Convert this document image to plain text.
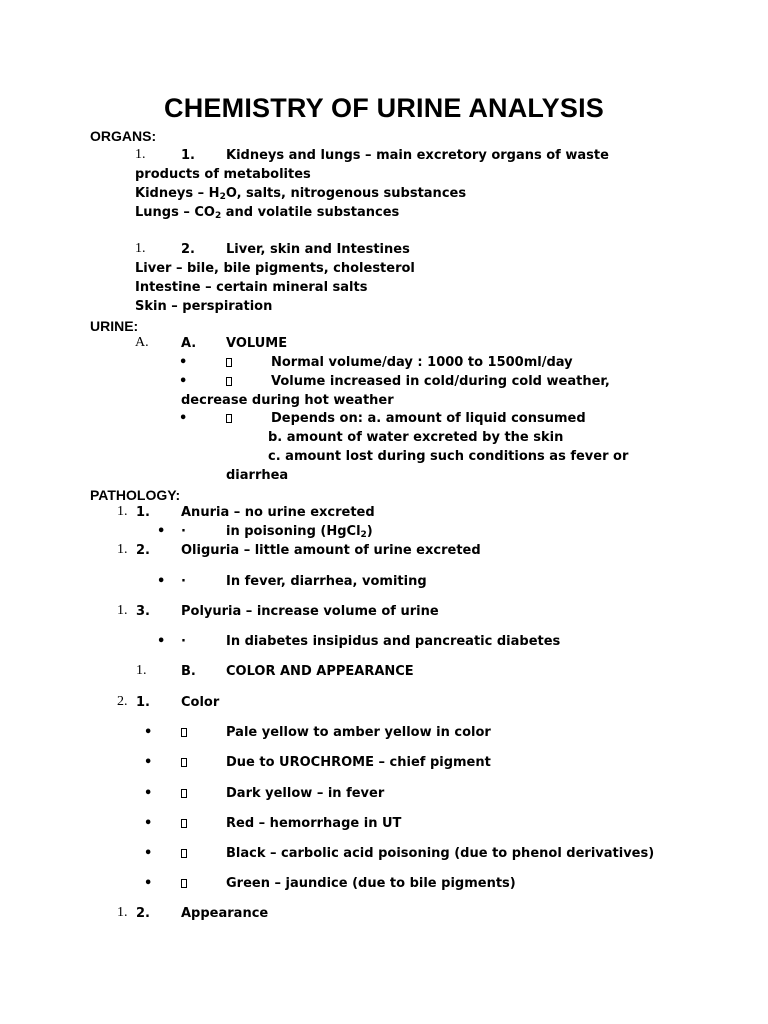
CHEMISTRY OF URINE ANALYSIS
ORGANS:
1.	1. Kidneys and lungs – main excretory organs of waste
products of metabolites
Kidneys – $H_2O$, salts, nitrogenous substances
Lungs – $CO_2$ and volatile substances
1.	2. Liver, skin and Intestines
Liver – bile, bile pigments, cholesterol
Intestine – certain mineral salts
Skin – perspiration
URINE:
A. A. VOLUME
•	Normal volume/day : 1000 to 1500ml/day
•	Volume increased in cold/during cold weather,
decrease during hot weather
•	Depends on: a. amount of liquid consumed
b. amount of water excreted by the skin
c. amount lost during such conditions as fever or
diarrhea
PATHOLOGY:
1. 1. Anuria – no urine excreted
• ·	in poisoning (HgCl$_2$)
1. 2. Oliguria – little amount of urine excreted
• ·	In fever, diarrhea, vomiting
1. 3. Polyuria – increase volume of urine
• ·	In diabetes insipidus and pancreatic diabetes
1.	B. COLOR AND APPEARANCE
2. 1. Color
•	Pale yellow to amber yellow in color
•	Due to UROCHROME – chief pigment
•	Dark yellow – in fever
•	Red – hemorrhage in UT
•	Black – carbolic acid poisoning (due to phenol derivatives)
•	Green – jaundice (due to bile pigments)
1. 2. Appearance
